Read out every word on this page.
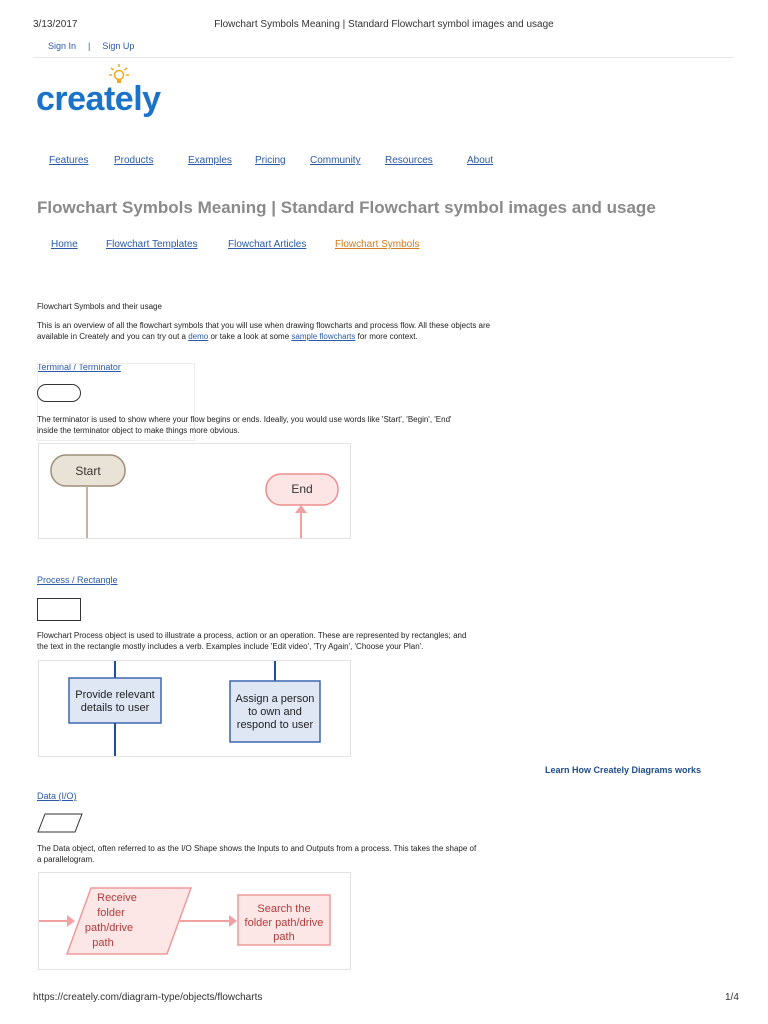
3/13/2017	Flowchart Symbols Meaning | Standard Flowchart symbol images and usage
Sign In | Sign Up
creately
Features	Products	Examples Pricing Community Resources	About
Flowchart Symbols Meaning | Standard Flowchart symbol images and usage
Home	Flowchart Templates	Flowchart Articles	Flowchart Symbols
Flowchart Symbols and their usage
This is an overview of all the flowchart symbols that you will use when drawing flowcharts and process flow. All these objects are
available in Creately and you can try out a demo or take a look at some sample flowcharts for more context.
Terminal / Terminator
The terminator is used to show where your flow begins or ends. Ideally, you would use words like 'Start', 'Begin', 'End'
inside the terminator object to make things more obvious.
Start
End
Process / Rectangle
Flowchart Process object is used to illustrate a process, action or an operation. These are represented by rectangles; and
the text in the rectangle mostly includes a verb. Examples include 'Edit video', 'Try Again', 'Choose your Plan'.
Provide relevant
details to user
Assign a person
to own and
respond to user
Learn How Creately Diagrams works
Data (I/O)
The Data object, often referred to as the I/O Shape shows the Inputs to and Outputs from a process. This takes the shape of
a parallelogram.
Receive
folder
path/drive
path
Search the
folder path/drive
path
https://creately.com/diagram-type/objects/flowcharts	1/4
